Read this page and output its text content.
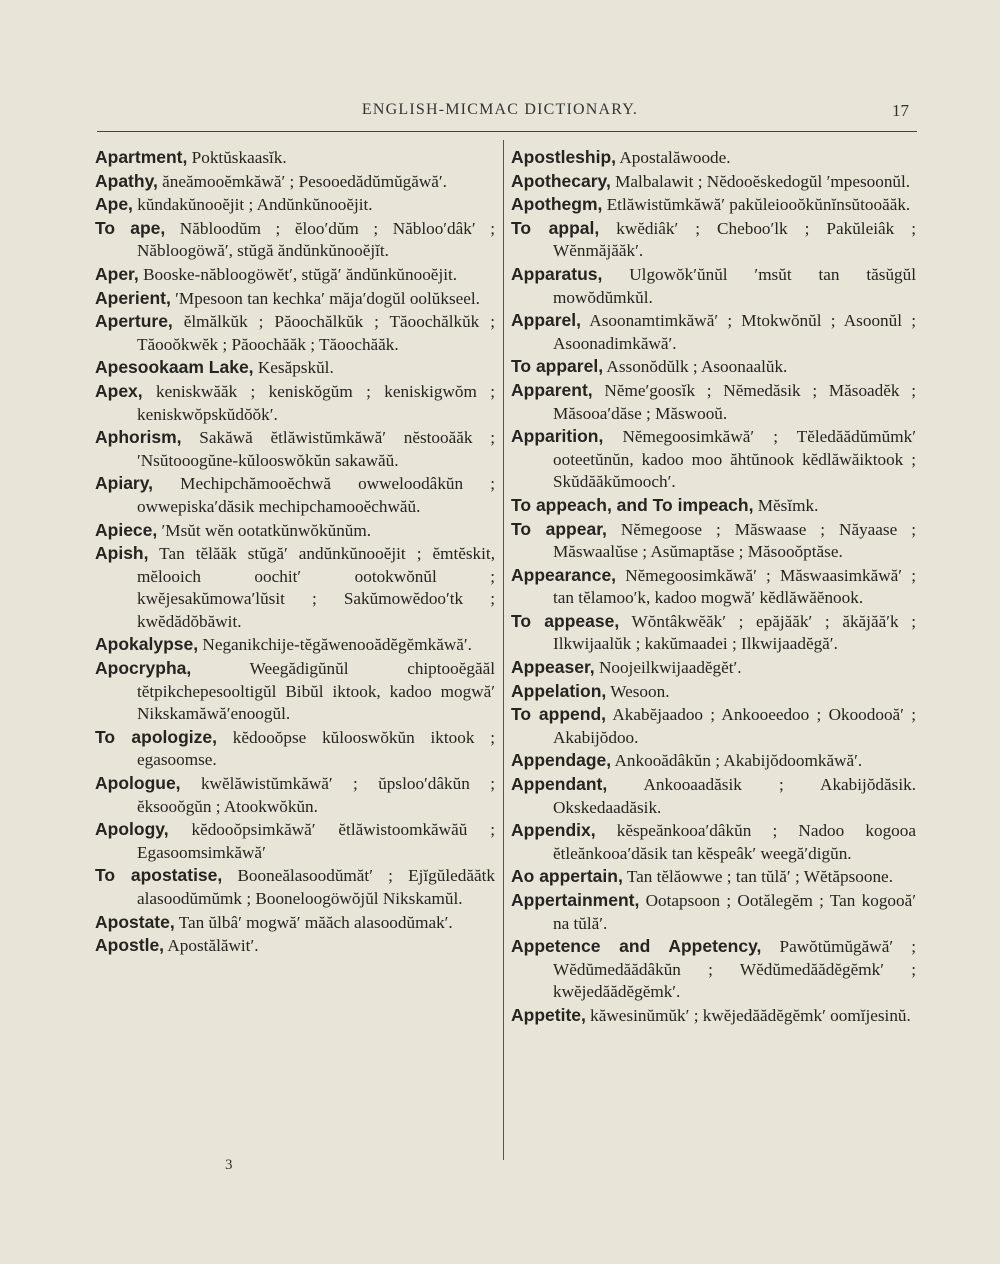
ENGLISH-MICMAC DICTIONARY.	17

Apartment, Poktŭskaasĭk.

Apathy, ăneămooĕmkăwă′ ; Pesooedădŭmŭgăwă′.

Ape, kŭndakŭnooĕjit ; Andŭnkŭnooĕjit.

To ape, Năbloodŭm ; ĕloo′dŭm ; Năbloo′dâk′ ; Năbloogöwă′, stŭgă ăndŭnkŭnooĕjĭt.

Aper, Booske-năbloogöwĕt′, stŭgă′ ăndŭnkŭnooĕjit.

Aperient, ′Mpesoon tan kechka′ măja′dogŭl oolŭkseel.

Aperture, ĕlmălkŭk ; Păoochălkŭk ; Tăoochălkŭk ; Tăooŏkwĕk ; Păoochăăk ; Tăoochăăk.

Apesookaam Lake, Kesăpskŭl.

Apex, keniskwăăk ; keniskŏgŭm ; keniskigwŏm ; keniskwŏpskŭdŏŏk′.

Aphorism, Sakăwă ĕtlăwistŭmkăwă′ nĕstooăăk ; ′Nsŭtooogŭne-kŭlooswŏkŭn sakawăŭ.

Apiary, Mechipchămooĕchwă owweloodâkŭn ; owwepiska′dăsik mechipchamooĕchwăŭ.

Apiece, ′Msŭt wĕn ootatkŭnwŏkŭnŭm.

Apish, Tan tĕlăăk stŭgă′ andŭnkŭnooĕjit ; ĕmtĕskit, mĕlooich oochit′ ootokwŏnŭl ; kwĕjesakŭmowa′lŭsit ; Sakŭmowĕdoo′tk ; kwĕdădŏbăwit.

Apokalypse, Neganikchije-tĕgăwenooădĕgĕmkăwă′.

Apocrypha, Weegădigŭnŭl chiptooĕgăăl tĕtpikchepesooltigŭl Bibŭl iktook, kadoo mogwă′ Nikskamăwă′enoogŭl.

To apologize, kĕdooŏpse kŭlooswŏkŭn iktook ; egasoomse.

Apologue, kwĕlăwistŭmkăwă′ ; ŭpsloo′dâkŭn ; ĕksooŏgŭn ; Atookwŏkŭn.

Apology, kĕdooŏpsimkăwă′ ĕtlăwistoomkăwăŭ ; Egasoomsimkăwă′

To apostatise, Booneălasoodŭmăt′ ; Ejĭgŭledăătk alasoodŭmŭmk ; Booneloogöwŏjŭl Nikskamŭl.

Apostate, Tan ŭlbâ′ mogwă′ măăch alasoodŭmak′.

Apostle, Apostălăwit′.

Apostleship, Apostalăwoode.

Apothecary, Malbalawit ; Nĕdooĕskedogŭl ′mpesoonŭl.

Apothegm, Etlăwistŭmkăwă′ pakŭleiooŏkŭnĭnsŭtooăăk.

To appal, kwĕdiâk′ ; Cheboo′lk ; Pakŭleiâk ; Wĕnmăjăăk′.

Apparatus, Ulgowŏk′ŭnŭl ′msŭt tan tăsŭgŭl mowŏdŭmkŭl.

Apparel, Asoonamtimkăwă′ ; Mtokwŏnŭl ; Asoonŭl ; Asoonadimkăwă′.

To apparel, Assonŏdŭlk ; Asoonaalŭk.

Apparent, Nĕme′goosĭk ; Nĕmedăsik ; Măsoadĕk ; Măsooa′dăse ; Măswooŭ.

Apparition, Nĕmegoosimkăwă′ ; Tĕledăădŭmŭmk′ ooteetŭnŭn, kadoo moo ăhtŭnook kĕdlăwăiktook ; Skŭdăăkŭmooch′.

To appeach, and To impeach, Mĕsĭmk.

To appear, Nĕmegoose ; Măswaase ; Năyaase ; Măswaalŭse ; Asŭmaptăse ; Măsooŏptăse.

Appearance, Nĕmegoosimkăwă′ ; Măswaasimkăwă′ ; tan tĕlamoo′k, kadoo mogwă′ kĕdlăwăĕnook.

To appease, Wŏntâkwĕăk′ ; epăjăăk′ ; ăkăjăă′k ; Ilkwijaalŭk ; kakŭmaadei ; Ilkwijaadĕgă′.

Appeaser, Noojeilkwijaadĕgĕt′.

Appelation, Wesoon.

To append, Akabĕjaadoo ; Ankooeedoo ; Okoodooă′ ; Akabijŏdoo.

Appendage, Ankooădâkŭn ; Akabijŏdoomkăwă′.

Appendant, Ankooaadăsik ; Akabijŏdăsik. Okskedaadăsik.

Appendix, kĕspeănkooa′dâkŭn ; Nadoo kogooa ĕtleănkooa′dăsik tan kĕspeâk′ weegă′digŭn.

Ao appertain, Tan tĕlăowwe ; tan tŭlă′ ; Wĕtăpsoone.

Appertainment, Ootapsoon ; Ootălegĕm ; Tan kogooă′ na tŭlă′.

Appetence and Appetency, Pawŏtŭmŭgăwă′ ; Wĕdŭmedăădâkŭn ; Wĕdŭmedăădĕgĕmk′ ; kwĕjedăădĕgĕmk′.

Appetite, kăwesinŭmŭk′ ; kwĕjedăădĕgĕmk′ oomĭjesinŭ.

3
